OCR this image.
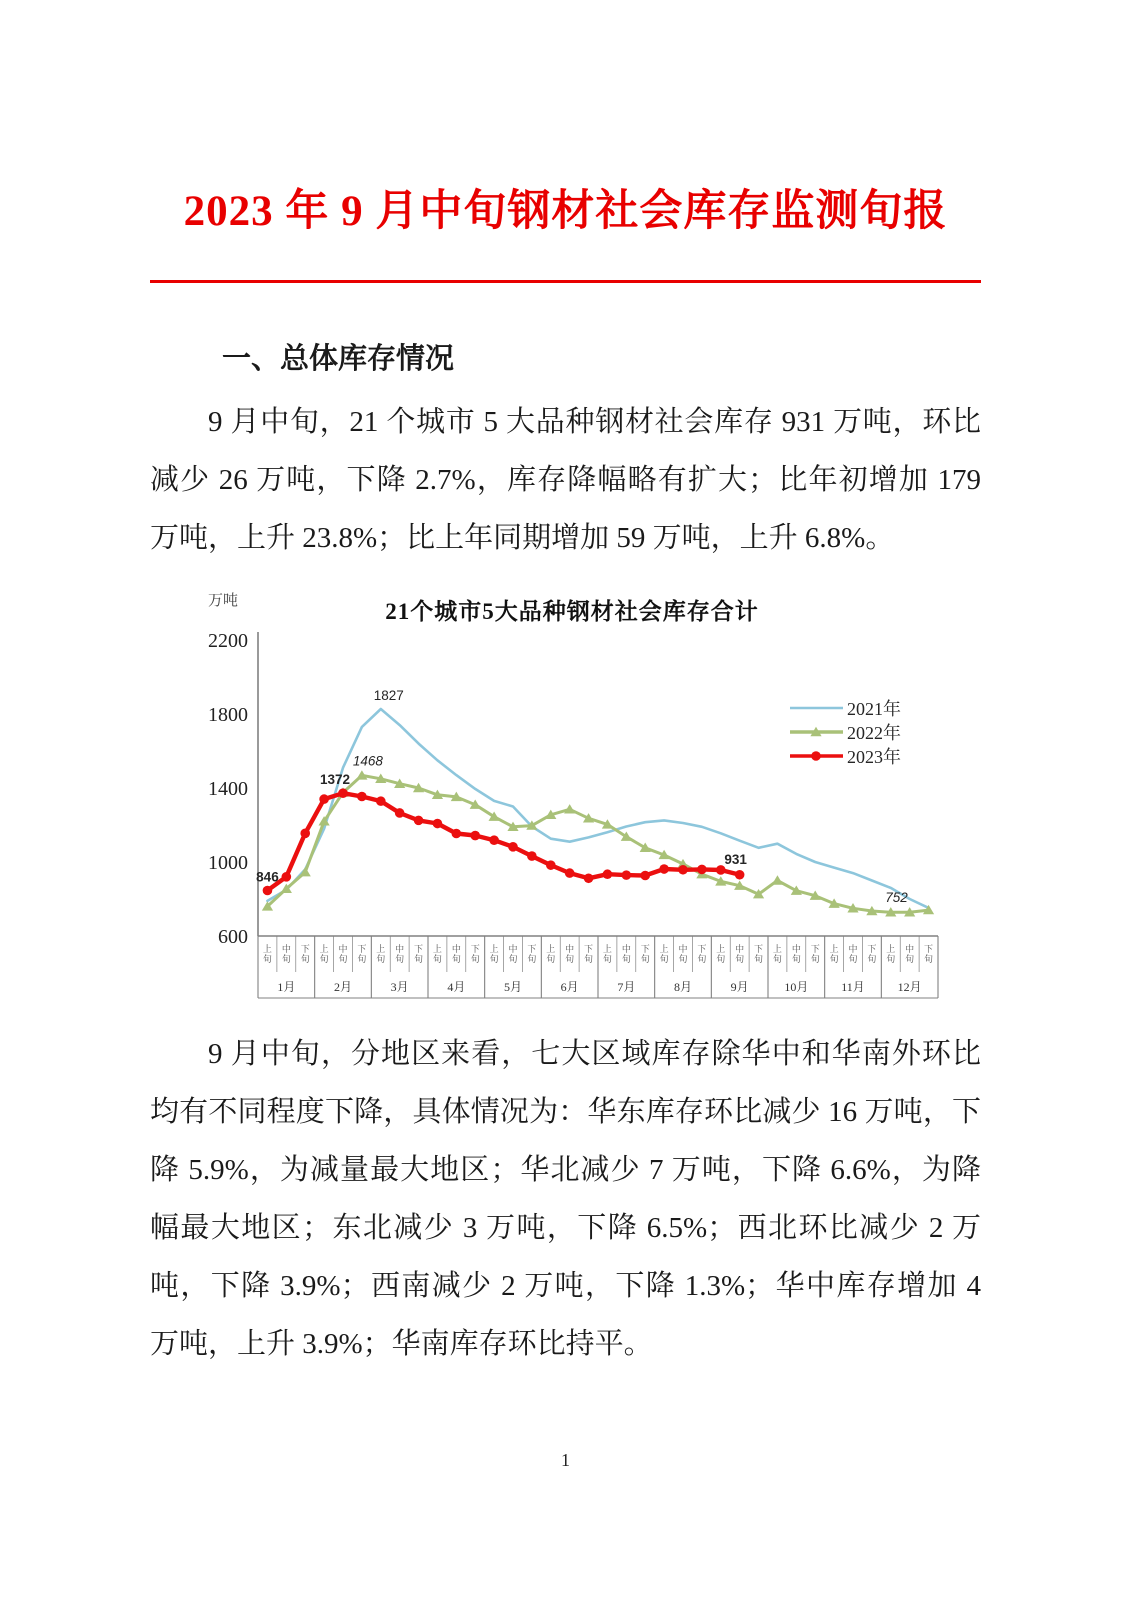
2023 年 9 月中旬钢材社会库存监测旬报
一、总体库存情况

9 月中旬，21 个城市 5 大品种钢材社会库存 931 万吨，环比减少 26 万吨，下降 2.7%，库存降幅略有扩大；比年初增加 179 万吨，上升 23.8%；比上年同期增加 59 万吨，上升 6.8%。

万吨	21个城市5大品种钢材社会库存合计
600
1000
1400
1800
2200
上旬
中旬
下旬
上旬
中旬
下旬
上旬
中旬
下旬
上旬
中旬
下旬
上旬
中旬
下旬
上旬
中旬
下旬
上旬
中旬
下旬
上旬
中旬
下旬
上旬
中旬
下旬
上旬
中旬
下旬
上旬
中旬
下旬
上旬
中旬
下旬
1月	2月	3月	4月	5月	6月	7月	8月	9月	10月	11月	12月
846
1372
1468
1827
931
752
2021年
2022年
2023年

9 月中旬，分地区来看，七大区域库存除华中和华南外环比均有不同程度下降，具体情况为：华东库存环比减少 16 万吨，下降 5.9%，为减量最大地区；华北减少 7 万吨，下降 6.6%，为降幅最大地区；东北减少 3 万吨，下降 6.5%；西北环比减少 2 万吨，下降 3.9%；西南减少 2 万吨，下降 1.3%；华中库存增加 4 万吨，上升 3.9%；华南库存环比持平。

1
